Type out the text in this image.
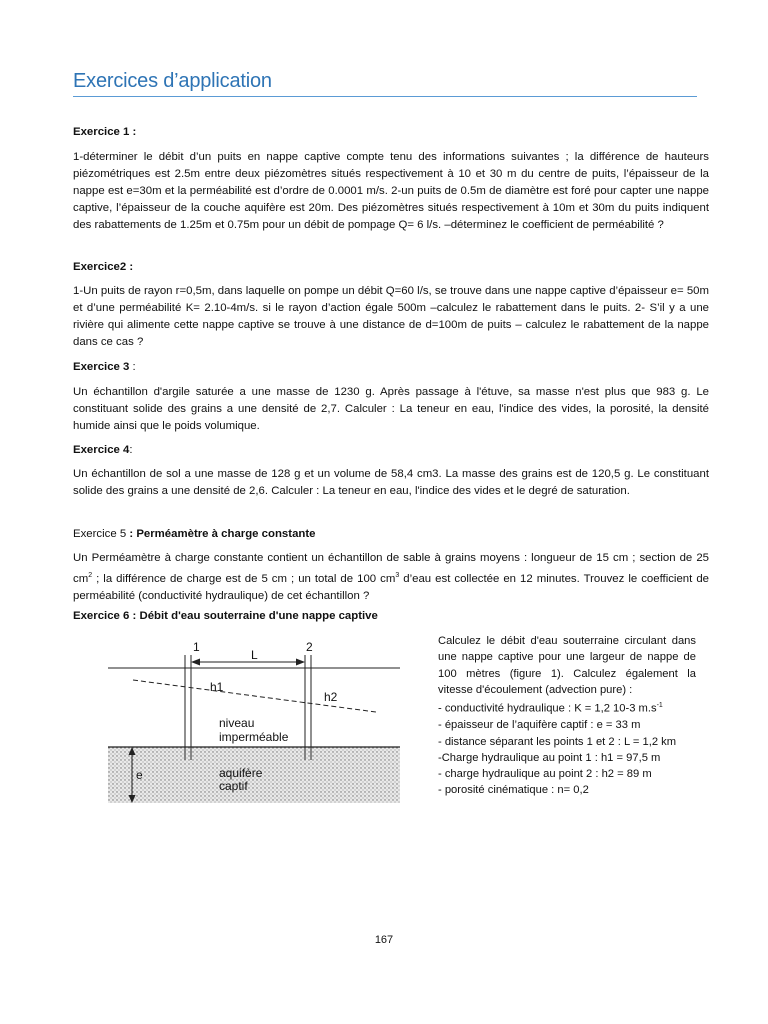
Exercices d’application

Exercice 1 :

1-déterminer le débit d’un puits en nappe captive compte tenu des informations suivantes ; la différence de hauteurs piézométriques est 2.5m entre deux piézomètres situés respectivement à 10 et 30 m du centre de puits, l’épaisseur de la nappe est e=30m et la perméabilité est d’ordre de 0.0001 m/s. 2-un puits de 0.5m de diamètre est foré pour capter une nappe captive, l’épaisseur de la couche aquifère est 20m. Des piézomètres situés respectivement à 10m et 30m du puits indiquent des rabattements de 1.25m et 0.75m pour un débit de pompage Q= 6 l/s. –déterminez le coefficient de perméabilité ?

Exercice2 :

1-Un puits de rayon r=0,5m, dans laquelle on pompe un débit Q=60 l/s, se trouve dans une nappe captive d’épaisseur e= 50m et d’une perméabilité K= 2.10-4m/s. si le rayon d’action égale 500m –calculez le rabattement dans le puits. 2- S’il y a une rivière qui alimente cette nappe captive se trouve à une distance de d=100m de puits – calculez le rabattement de la nappe dans ce cas ?

Exercice 3 :

Un échantillon d'argile saturée a une masse de 1230 g. Après passage à l'étuve, sa masse n'est plus que 983 g. Le constituant solide des grains a une densité de 2,7. Calculer : La teneur en eau, l'indice des vides, la porosité, la densité humide ainsi que le poids volumique.

Exercice 4:

Un échantillon de sol a une masse de 128 g et un volume de 58,4 cm3. La masse des grains est de 120,5 g. Le constituant solide des grains a une densité de 2,6. Calculer : La teneur en eau, l'indice des vides et le degré de saturation.

Exercice 5 : Perméamètre à charge constante

Un Perméamètre à charge constante contient un échantillon de sable à grains moyens : longueur de 15 cm ; section de 25 $cm^2$ ; la différence de charge est de 5 cm ; un total de 100 $cm^3$ d’eau est collectée en 12 minutes. Trouvez le coefficient de perméabilité (conductivité hydraulique) de cet échantillon ?

Exercice 6 : Débit d'eau souterraine d'une nappe captive

1	2
L
h1
h2
e
niveau
imperméable
aquifère
captif

Calculez le débit d'eau souterraine circulant dans une nappe captive pour une largeur de nappe de 100 mètres (figure 1). Calculez également la vitesse d'écoulement (advection pure) :

- conductivité hydraulique : K = 1,2 10-3 $m.s^{-1}$

- épaisseur de l’aquifère captif : e = 33 m

- distance séparant les points 1 et 2 : L = 1,2 km

-Charge hydraulique au point 1 : h1 = 97,5 m

- charge hydraulique au point 2 : h2 = 89 m

- porosité cinématique : n= 0,2

167
